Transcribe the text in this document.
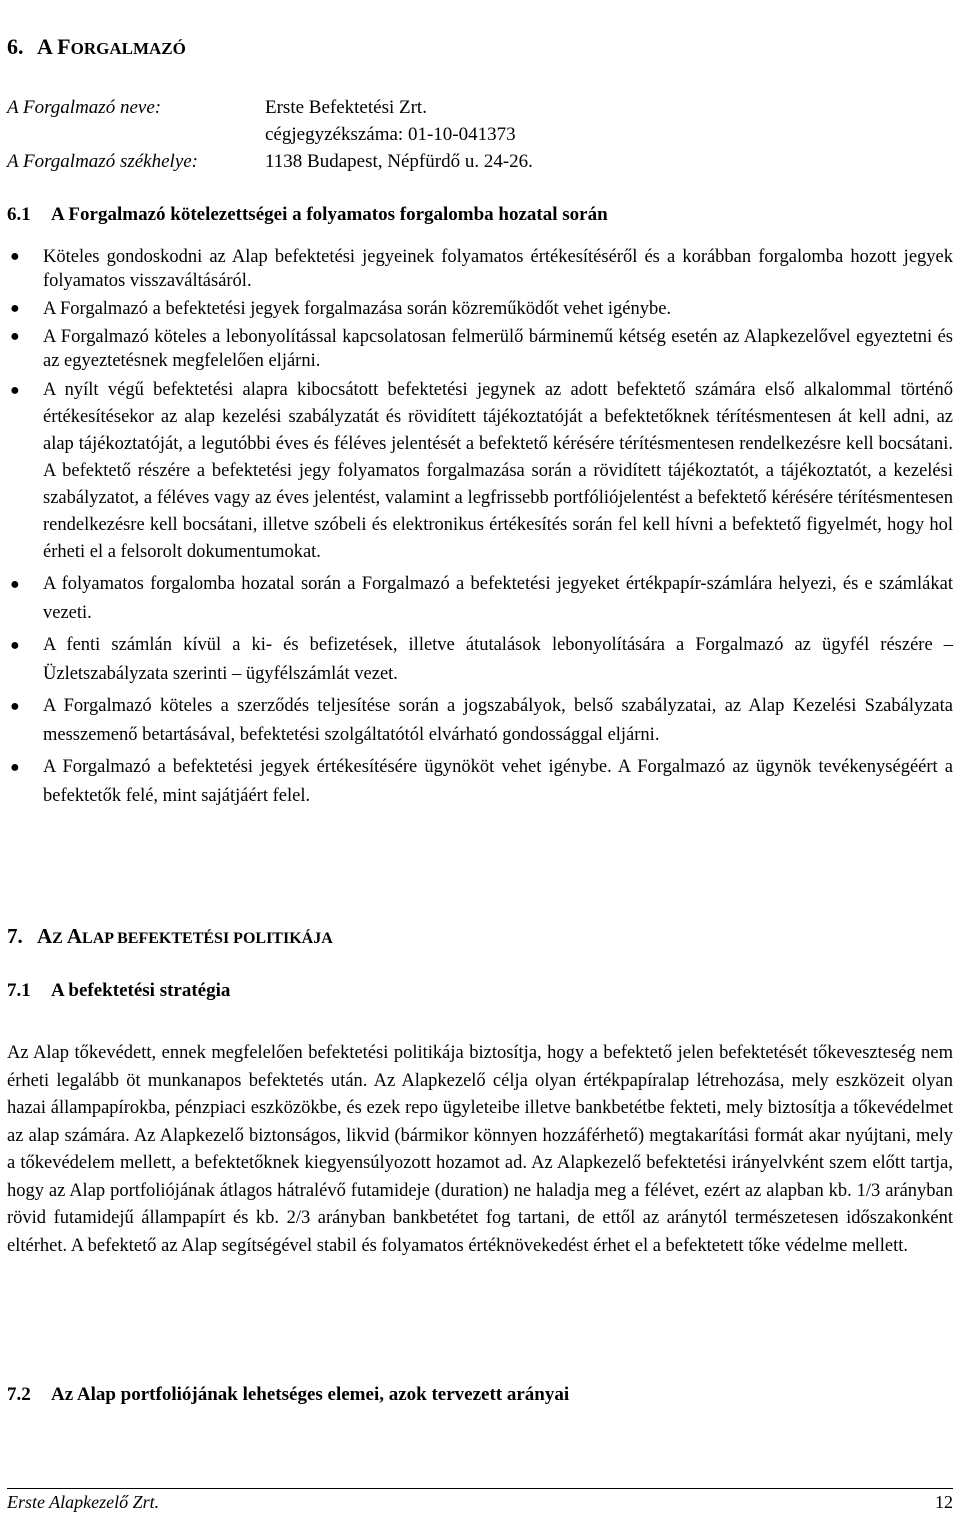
6. A FORGALMAZÓ
A Forgalmazó neve:	Erste Befektetési Zrt.
cégjegyzékszáma: 01-10-041373
A Forgalmazó székhelye:	1138 Budapest, Népfürdő u. 24-26.
6.1 A Forgalmazó kötelezettségei a folyamatos forgalomba hozatal során
● Köteles gondoskodni az Alap befektetési jegyeinek folyamatos értékesítéséről és a korábban forgalomba hozott jegyek folyamatos visszaváltásáról.
● A Forgalmazó a befektetési jegyek forgalmazása során közreműködőt vehet igénybe.
● A Forgalmazó köteles a lebonyolítással kapcsolatosan felmerülő bárminemű kétség esetén az Alapkezelővel egyeztetni és az egyeztetésnek megfelelően eljárni.
● A nyílt végű befektetési alapra kibocsátott befektetési jegynek az adott befektető számára első alkalommal történő értékesítésekor az alap kezelési szabályzatát és rövidített tájékoztatóját a befektetőknek térítésmentesen át kell adni, az alap tájékoztatóját, a legutóbbi éves és féléves jelentését a befektető kérésére térítésmentesen rendelkezésre kell bocsátani. A befektető részére a befektetési jegy folyamatos forgalmazása során a rövidített tájékoztatót, a tájékoztatót, a kezelési szabályzatot, a féléves vagy az éves jelentést, valamint a legfrissebb portfóliójelentést a befektető kérésére térítésmentesen rendelkezésre kell bocsátani, illetve szóbeli és elektronikus értékesítés során fel kell hívni a befektető figyelmét, hogy hol érheti el a felsorolt dokumentumokat.
● A folyamatos forgalomba hozatal során a Forgalmazó a befektetési jegyeket értékpapír-számlára helyezi, és e számlákat vezeti.
● A fenti számlán kívül a ki- és befizetések, illetve átutalások lebonyolítására a Forgalmazó az ügyfél részére – Üzletszabályzata szerinti – ügyfélszámlát vezet.
● A Forgalmazó köteles a szerződés teljesítése során a jogszabályok, belső szabályzatai, az Alap Kezelési Szabályzata messzemenő betartásával, befektetési szolgáltatótól elvárható gondossággal eljárni.
● A Forgalmazó a befektetési jegyek értékesítésére ügynököt vehet igénybe. A Forgalmazó az ügynök tevékenységéért a befektetők felé, mint sajátjáért felel.
7. AZ ALAP BEFEKTETÉSI POLITIKÁJA
7.1 A befektetési stratégia

Az Alap tőkevédett, ennek megfelelően befektetési politikája biztosítja, hogy a befektető jelen befektetését tőkeveszteség nem érheti legalább öt munkanapos befektetés után. Az Alapkezelő célja olyan értékpapíralap létrehozása, mely eszközeit olyan hazai állampapírokba, pénzpiaci eszközökbe, és ezek repo ügyleteibe illetve bankbetétbe fekteti, mely biztosítja a tőkevédelmet az alap számára. Az Alapkezelő biztonságos, likvid (bármikor könnyen hozzáférhető) megtakarítási formát akar nyújtani, mely a tőkevédelem mellett, a befektetőknek kiegyensúlyozott hozamot ad. Az Alapkezelő befektetési irányelvként szem előtt tartja, hogy az Alap portfoliójának átlagos hátralévő futamideje (duration) ne haladja meg a félévet, ezért az alapban kb. 1/3 arányban rövid futamidejű állampapírt és kb. 2/3 arányban bankbetétet fog tartani, de ettől az aránytól természetesen időszakonként eltérhet. A befektető az Alap segítségével stabil és folyamatos értéknövekedést érhet el a befektetett tőke védelme mellett.

7.2 Az Alap portfoliójának lehetséges elemei, azok tervezett arányai
Erste Alapkezelő Zrt.	12
